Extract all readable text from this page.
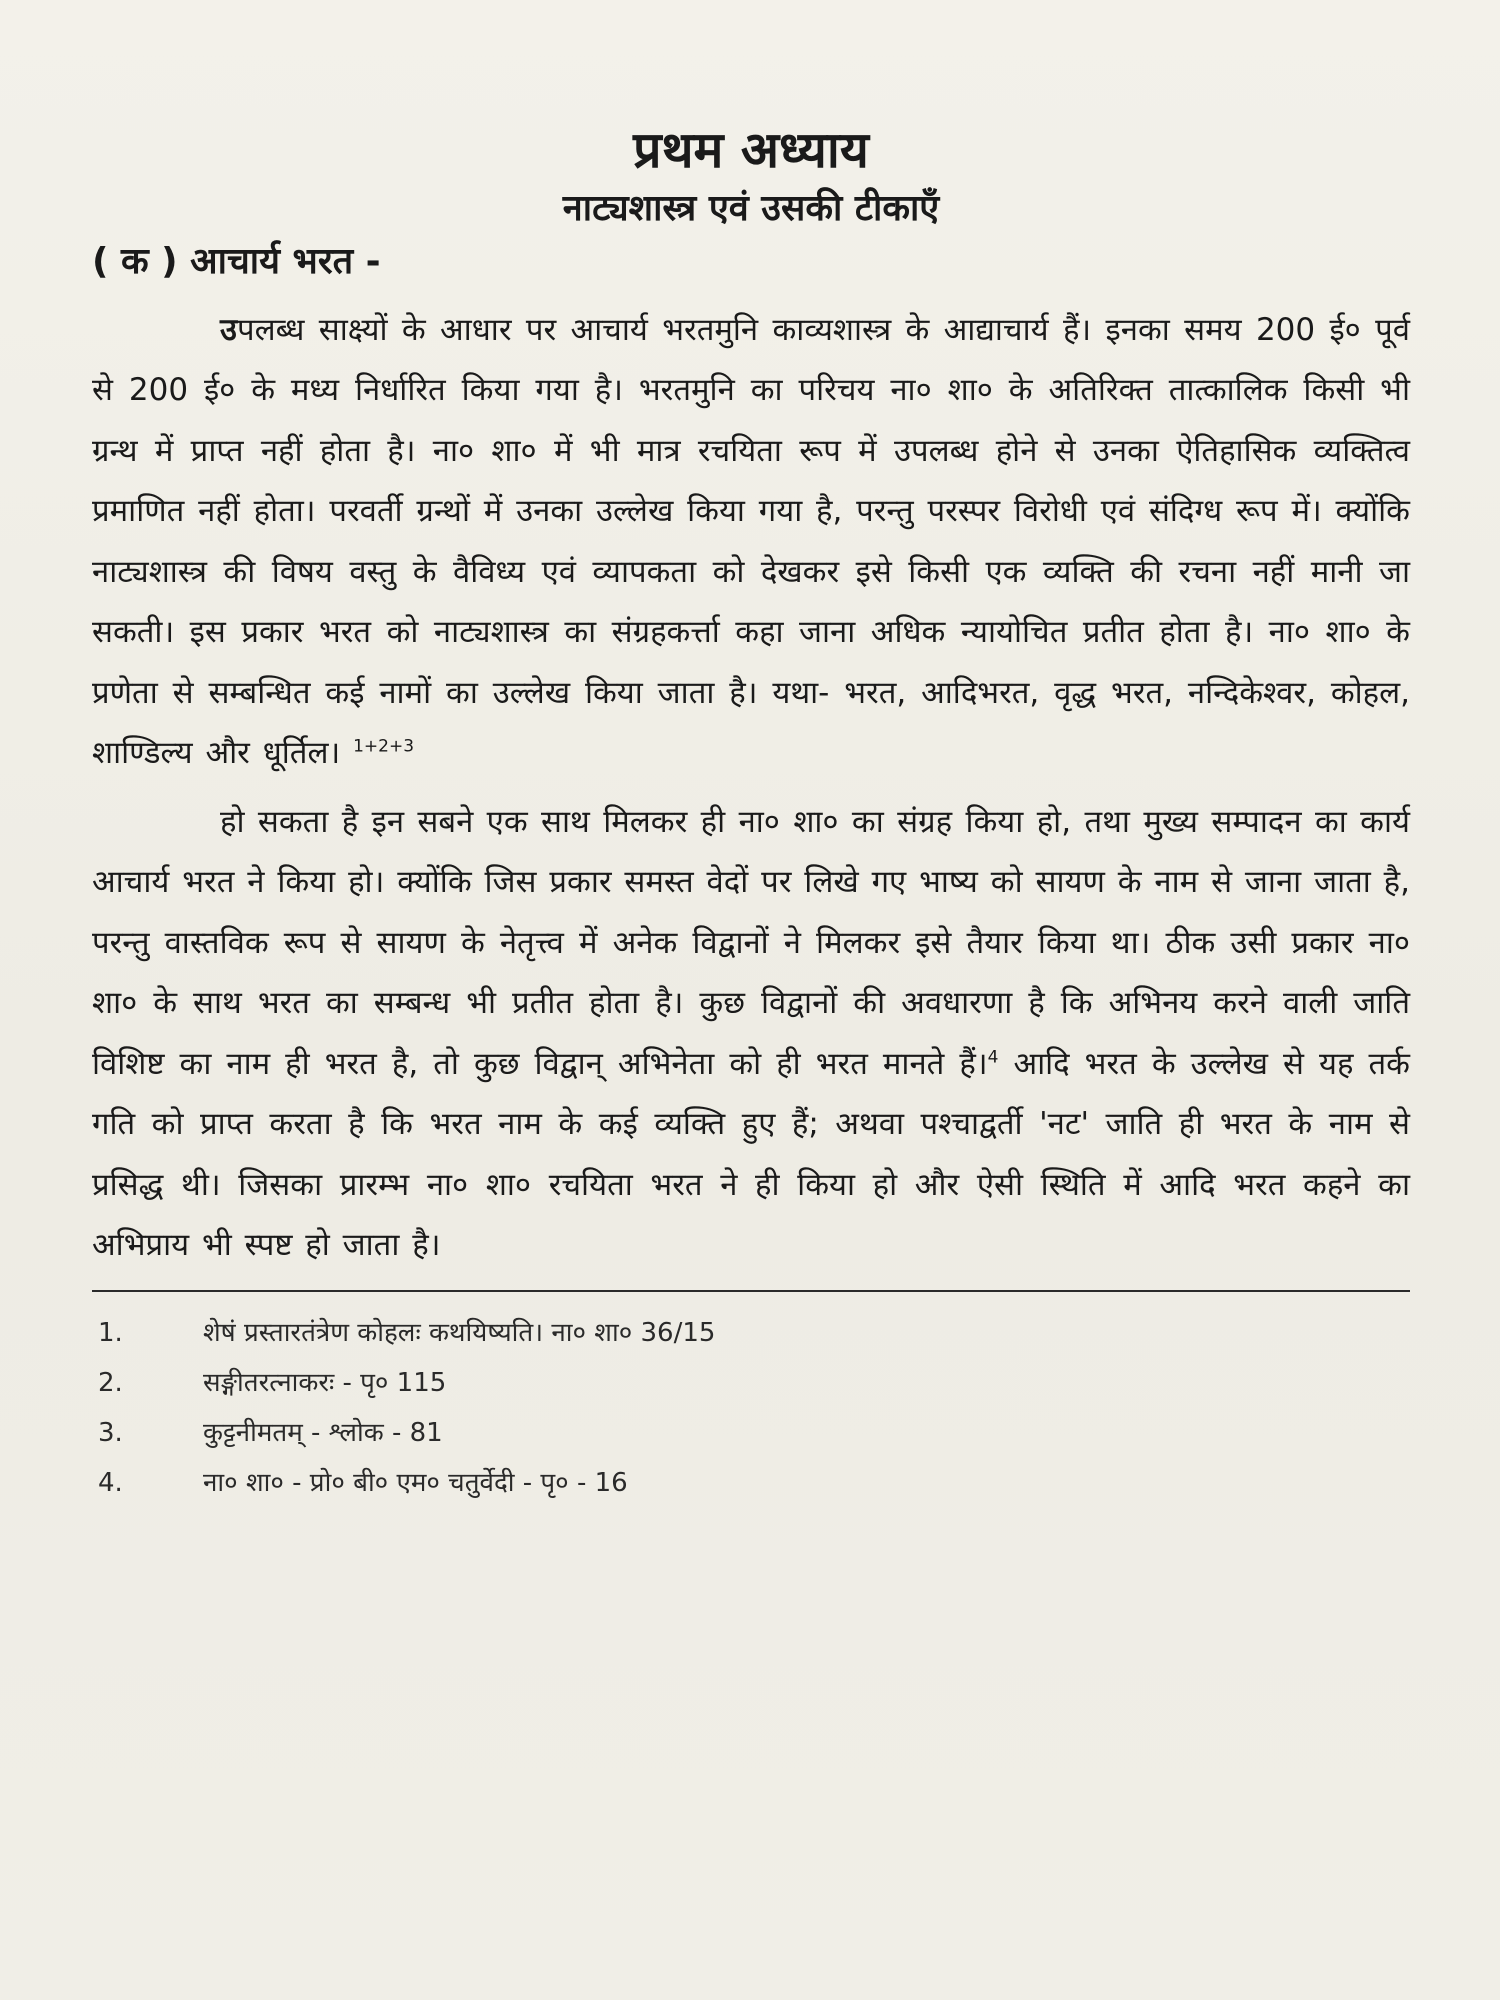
प्रथम अध्याय
नाट्यशास्त्र एवं उसकी टीकाएँ
( क ) आचार्य भरत -

उपलब्ध साक्ष्यों के आधार पर आचार्य भरतमुनि काव्यशास्त्र के आद्याचार्य हैं। इनका समय 200 ई० पूर्व से 200 ई० के मध्य निर्धारित किया गया है। भरतमुनि का परिचय ना० शा० के अतिरिक्त तात्कालिक किसी भी ग्रन्थ में प्राप्त नहीं होता है। ना० शा० में भी मात्र रचयिता रूप में उपलब्ध होने से उनका ऐतिहासिक व्यक्तित्व प्रमाणित नहीं होता। परवर्ती ग्रन्थों में उनका उल्लेख किया गया है, परन्तु परस्पर विरोधी एवं संदिग्ध रूप में। क्योंकि नाट्यशास्त्र की विषय वस्तु के वैविध्य एवं व्यापकता को देखकर इसे किसी एक व्यक्ति की रचना नहीं मानी जा सकती। इस प्रकार भरत को नाट्यशास्त्र का संग्रहकर्त्ता कहा जाना अधिक न्यायोचित प्रतीत होता है। ना० शा० के प्रणेता से सम्बन्धित कई नामों का उल्लेख किया जाता है। यथा- भरत, आदिभरत, वृद्ध भरत, नन्दिकेश्वर, कोहल, शाण्डिल्य और धूर्तिल। $^{1+2+3}$

हो सकता है इन सबने एक साथ मिलकर ही ना० शा० का संग्रह किया हो, तथा मुख्य सम्पादन का कार्य आचार्य भरत ने किया हो। क्योंकि जिस प्रकार समस्त वेदों पर लिखे गए भाष्य को सायण के नाम से जाना जाता है, परन्तु वास्तविक रूप से सायण के नेतृत्त्व में अनेक विद्वानों ने मिलकर इसे तैयार किया था। ठीक उसी प्रकार ना० शा० के साथ भरत का सम्बन्ध भी प्रतीत होता है। कुछ विद्वानों की अवधारणा है कि अभिनय करने वाली जाति विशिष्ट का नाम ही भरत है, तो कुछ विद्वान् अभिनेता को ही भरत मानते हैं।$^4$ आदि भरत के उल्लेख से यह तर्क गति को प्राप्त करता है कि भरत नाम के कई व्यक्ति हुए हैं; अथवा पश्चाद्वर्ती 'नट' जाति ही भरत के नाम से प्रसिद्ध थी। जिसका प्रारम्भ ना० शा० रचयिता भरत ने ही किया हो और ऐसी स्थिति में आदि भरत कहने का अभिप्राय भी स्पष्ट हो जाता है।

1.	शेषं प्रस्तारतंत्रेण कोहलः कथयिष्यति। ना० शा० 36/15
2.	सङ्गीतरत्नाकरः - पृ० 115
3.	कुट्टनीमतम् - श्लोक - 81
4.	ना० शा० - प्रो० बी० एम० चतुर्वेदी - पृ० - 16
